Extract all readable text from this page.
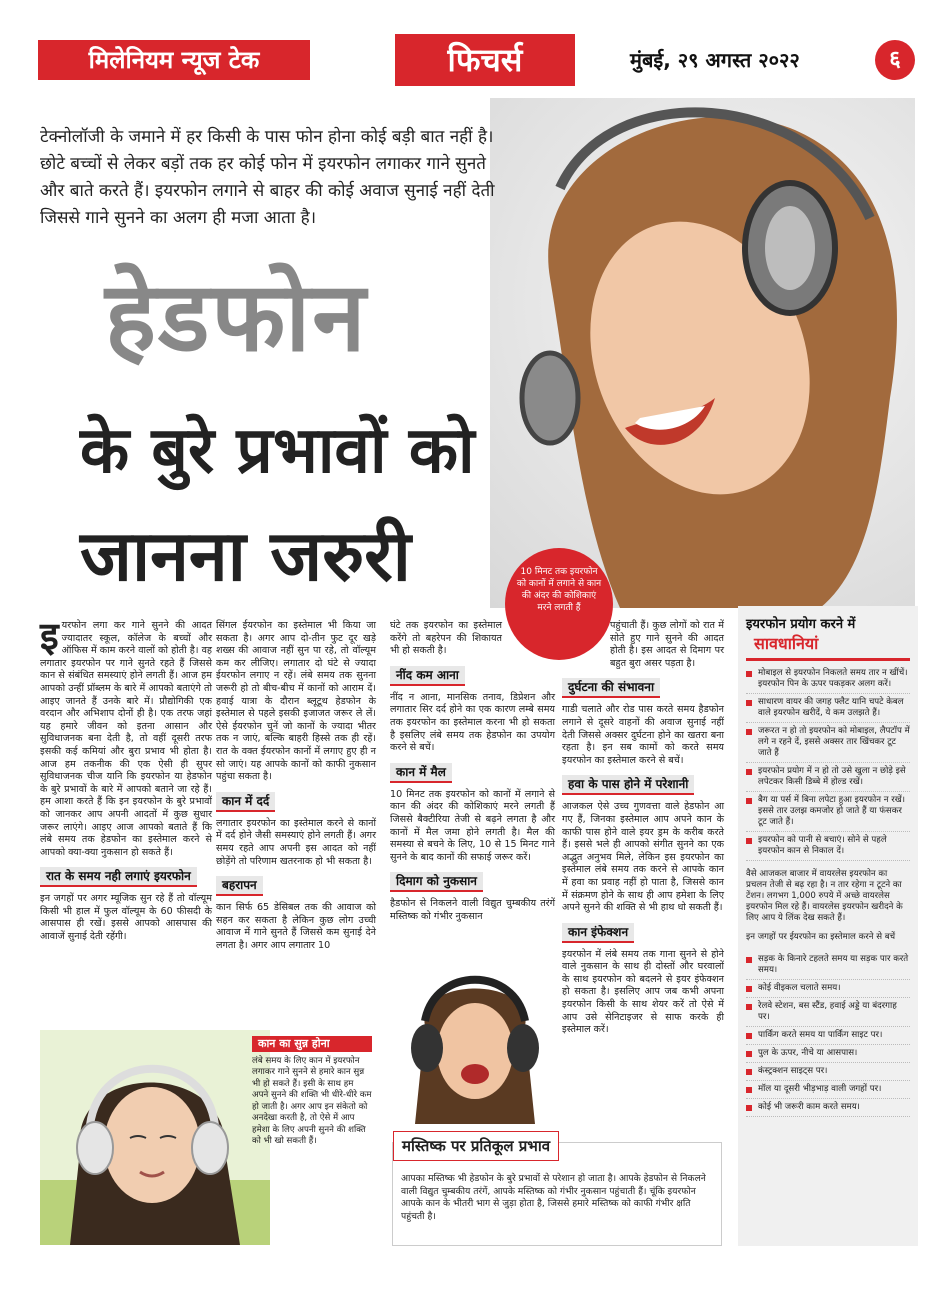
मिलेनियम न्यूज टेक	फिचर्स	मुंबई, २९ अगस्त २०२२	६
टेक्नोलॉजी के जमाने में हर किसी के पास फोन होना कोई बड़ी बात नहीं है। छोटे बच्चों से लेकर बड़ों तक हर कोई फोन में इयरफोन लगाकर गाने सुनते और बाते करते हैं। इयरफोन लगाने से बाहर की कोई अवाज सुनाई नहीं देती जिससे गाने सुनने का अलग ही मजा आता है।
हेडफोन
के बुरे प्रभावों को
जानना जरुरी	10 मिनट तक इयरफोन को कानों में लगाने से कान की अंदर की कोशिकाएं मरने लगती हैं

इयरफोन लगा कर गाने सुनने की आदत ज्यादातर स्कूल, कॉलेज के बच्चों और ऑफिस में काम करने वालों को होती है। वह लगातार इयरफोन पर गाने सुनते रहते हैं जिससे कान से संबंधित समस्याएं होने लगती हैं। आज हम आपको उन्हीं प्रॉब्लम के बारे में आपको बताएंगे तो आइए जानते हैं उनके बारे में। प्रौद्योगिकी एक वरदान और अभिशाप दोनों ही है। एक तरफ जहां यह हमारे जीवन को इतना आसान और सुविधाजनक बना देती है, तो वहीं दूसरी तरफ इसकी कई कमियां और बुरा प्रभाव भी होता है। आज हम तकनीक की एक ऐसी ही सुपर सुविधाजनक चीज यानि कि इयरफोन या हेडफोन के बुरे प्रभावों के बारे में आपको बताने जा रहे हैं। हम आशा करते हैं कि इन इयरफोन के बुरे प्रभावों को जानकर आप अपनी आदतों में कुछ सुधार जरूर लाएंगे। आइए आज आपको बताते हैं कि लंबे समय तक हेडफोन का इस्तेमाल करने से आपको क्या-क्या नुकसान हो सकते हैं।

रात के समय नही लगाएं इयरफोन

इन जगहों पर अगर म्यूजिक सुन रहे हैं तो वॉल्यूम किसी भी हाल में फुल वॉल्यूम के 60 फीसदी के आसपास ही रखें। इससे आपको आसपास की आवाजें सुनाई देती रहेंगी।

सिंगल ईयरफोन का इस्तेमाल भी किया जा सकता है। अगर आप दो-तीन फुट दूर खड़े शख्स की आवाज नहीं सुन पा रहे, तो वॉल्यूम कम कर लीजिए। लगातार दो घंटे से ज्यादा ईयरफोन लगाए न रहें। लंबे समय तक सुनना जरूरी हो तो बीच-बीच में कानों को आराम दें। हवाई यात्रा के दौरान ब्लूटूथ हेडफोन के इस्तेमाल से पहले इसकी इजाजत जरूर ले लें। ऐसे ईयरफोन चुनें जो कानों के ज्यादा भीतर तक न जाएं, बल्कि बाहरी हिस्से तक ही रहें। रात के वक्त ईयरफोन कानों में लगाए हुए ही न सो जाएं। यह आपके कानों को काफी नुकसान पहुंचा सकता है।

कान में दर्द

लगातार इयरफोन का इस्तेमाल करने से कानों में दर्द होने जैसी समस्याएं होने लगती हैं। अगर समय रहते आप अपनी इस आदत को नहीं छोड़ेंगे तो परिणाम खतरनाक हो भी सकता है।

बहरापन

कान सिर्फ 65 डेसिबल तक की आवाज को सहन कर सकता है लेकिन कुछ लोग उच्ची आवाज में गाने सुनते हैं जिससे कम सुनाई देने लगता है। अगर आप लगातार 10

घंटे तक इयरफोन का इस्तेमाल करेंगे तो बहरेपन की शिकायत भी हो सकती है।

नींद कम आना

नींद न आना, मानसिक तनाव, डिप्रेशन और लगातार सिर दर्द होने का एक कारण लम्बे समय तक इयरफोन का इस्तेमाल करना भी हो सकता है इसलिए लंबे समय तक हेडफोन का उपयोग करने से बचें।

कान में मैल

10 मिनट तक इयरफोन को कानों में लगाने से कान की अंदर की कोशिकाएं मरने लगती हैं जिससे बैक्टीरिया तेजी से बढ़ने लगता है और कानों में मैल जमा होने लगती है। मैल की समस्या से बचने के लिए, 10 से 15 मिनट गाने सुनने के बाद कानों की सफाई जरूर करें।

दिमाग को नुकसान

हैडफोन से निकलने वाली विद्युत चुम्बकीय तरंगें मस्तिष्क को गंभीर नुकसान

पहुंचाती हैं। कुछ लोगों को रात में सोते हुए गाने सुनने की आदत होती है। इस आदत से दिमाग पर बहुत बुरा असर पड़ता है।

दुर्घटना की संभावना

गाडी चलाते और रोड पास करते समय हैडफोन लगाने से दूसरे वाहनों की अवाज सुनाई नहीं देती जिससे अक्सर दुर्घटना होने का खतरा बना रहता है। इन सब कामों को करते समय इयरफोन का इस्तेमाल करने से बचें।

हवा के पास होने में परेशानी

आजकल ऐसे उच्च गुणवत्ता वाले हेडफोन आ गए हैं, जिनका इस्तेमाल आप अपने कान के काफी पास होने वाले इयर ड्रम के करीब करते हैं। इससे भले ही आपको संगीत सुनने का एक अद्भुत अनुभव मिले, लेकिन इस इयरफोन का इस्तेमाल लंबे समय तक करने से आपके कान में हवा का प्रवाह नहीं हो पाता है, जिससे कान में संक्रमण होने के साथ ही आप हमेशा के लिए अपने सुनने की शक्ति से भी हाथ धो सकती हैं।

कान इंफेक्शन

इयरफोन में लंबे समय तक गाना सुनने से होने वाले नुकसान के साथ ही दोस्तों और घरवालों के साथ इयरफोन को बदलने से इयर इंफेक्शन हो सकता है। इसलिए आप जब कभी अपना इयरफोन किसी के साथ शेयर करें तो ऐसे में आप उसे सेनिटाइजर से साफ करके ही इस्तेमाल करें।

इयरफोन प्रयोग करने में
सावधानियां
मोबाइल से इयरफोन निकलते समय तार न खींचें। इयरफोन पिन के ऊपर पकड़कर अलग करें।
साधारण वायर की जगह फ्लैट यानि चपटे केबल वाले इयरफोन खरीदें, ये कम उलझते हैं।
जरूरत न हो तो इयरफोन को मोबाइल, लैपटॉप में लगे न रहने दें, इससे अक्सर तार खिंचकर टूट जाते हैं
इयरफोन प्रयोग में न हो तो उसे खुला न छोड़े इसे लपेटकर किसी डिब्बे में होल्ड रखें।
बैग या पर्स में बिना लपेटा हुआ इयरफोन न रखें। इससे तार उलझ कमजोर हो जाते हैं या फंसकर टूट जाते हैं।
इयरफोन को पानी से बचाएं। सोने से पहले इयरफोन कान से निकाल दें।
वैसे आजकल बाजार में वायरलेस इयरफोन का प्रचलन तेजी से बढ़ रहा है। न तार रहेगा न टूटने का टेंशन। लगभग 1,000 रुपये में अच्छे वायरलेस इयरफोन मिल रहे हैं। वायरलेस इयरफोन खरीदने के लिए आप ये लिंक देख सकते हैं।
इन जगहों पर ईयरफोन का इस्तेमाल करने से बचें
सड़क के किनारे टहलते समय या सड़क पार करते समय।
कोई वीइकल चलाते समय।
रेलवे स्टेशन, बस स्टैंड, हवाई अड्डे या बंदरगाह पर।
पार्किंग करते समय या पार्किंग साइट पर।
पुल के ऊपर, नीचे या आसपास।
कंस्ट्रक्शन साइट्स पर।
मॉल या दूसरी भीड़भाड़ वाली जगहों पर।
कोई भी जरूरी काम करते समय।
कान का सुन्न होना
लंबे समय के लिए कान में इयरफोन लगाकर गाने सुनने से हमारे कान सुन्न भी हो सकते हैं। इसी के साथ हम अपने सुनने की शक्ति भी धीरे-धीरे कम हो जाती है। अगर आप इन संकेतो को अनदेखा करती है, तो ऐसे में आप हमेशा के लिए अपनी सुनने की शक्ति को भी खो सकती हैं।	मस्तिष्क पर प्रतिकूल प्रभाव
आपका मस्तिष्क भी हेडफोन के बुरे प्रभावों से परेशान हो जाता है। आपके हेडफोन से निकलने वाली विद्युत चुम्बकीय तरंगें, आपके मस्तिष्क को गंभीर नुकसान पहुंचाती हैं। चूंकि इयरफोन आपके कान के भीतरी भाग से जुड़ा होता है, जिससे हमारे मस्तिष्क को काफी गंभीर क्षति पहुंचती है।
